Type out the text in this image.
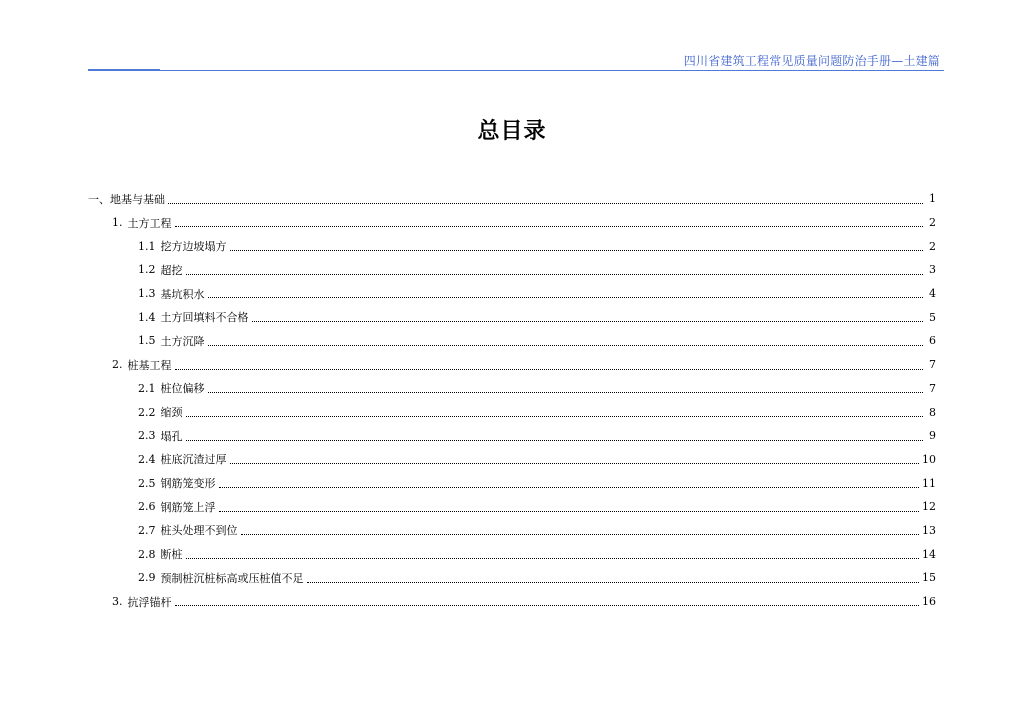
四川省建筑工程常见质量问题防治手册—土建篇
总目录
一、 地基与基础	1
1. 土方工程	2
1.1 挖方边坡塌方	2
1.2 超挖	3
1.3 基坑积水	4
1.4 土方回填料不合格	5
1.5 土方沉降	6
2. 桩基工程	7
2.1 桩位偏移	7
2.2 缩颈	8
2.3 塌孔	9
2.4 桩底沉渣过厚	10
2.5 钢筋笼变形	11
2.6 钢筋笼上浮	12
2.7 桩头处理不到位	13
2.8 断桩	14
2.9 预制桩沉桩标高或压桩值不足	15
3. 抗浮锚杆	16
